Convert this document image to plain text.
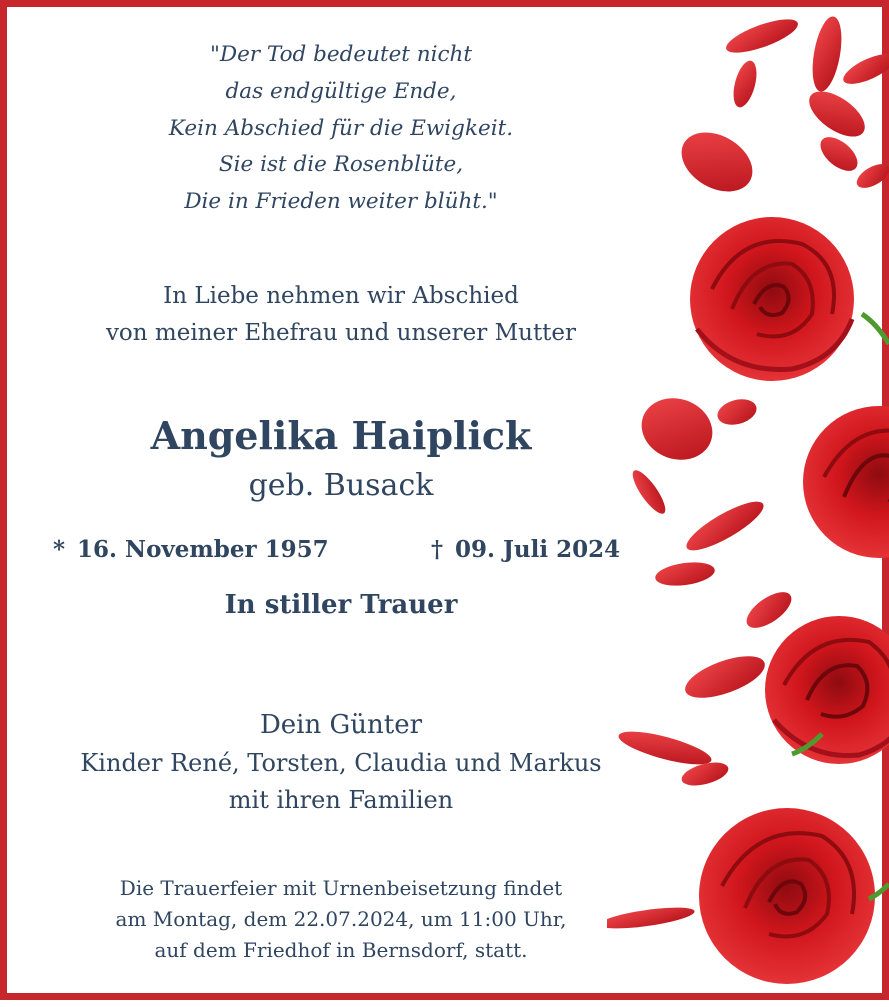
"Der Tod bedeutet nicht
das endgültige Ende,
Kein Abschied für die Ewigkeit.
Sie ist die Rosenblüte,
Die in Frieden weiter blüht."
In Liebe nehmen wir Abschied
von meiner Ehefrau und unserer Mutter
Angelika Haiplick
geb. Busack
* 16. November 1957	† 09. Juli 2024
In stiller Trauer
Dein Günter
Kinder René, Torsten, Claudia und Markus
mit ihren Familien
Die Trauerfeier mit Urnenbeisetzung findet
am Montag, dem 22.07.2024, um 11:00 Uhr,
auf dem Friedhof in Bernsdorf, statt.
